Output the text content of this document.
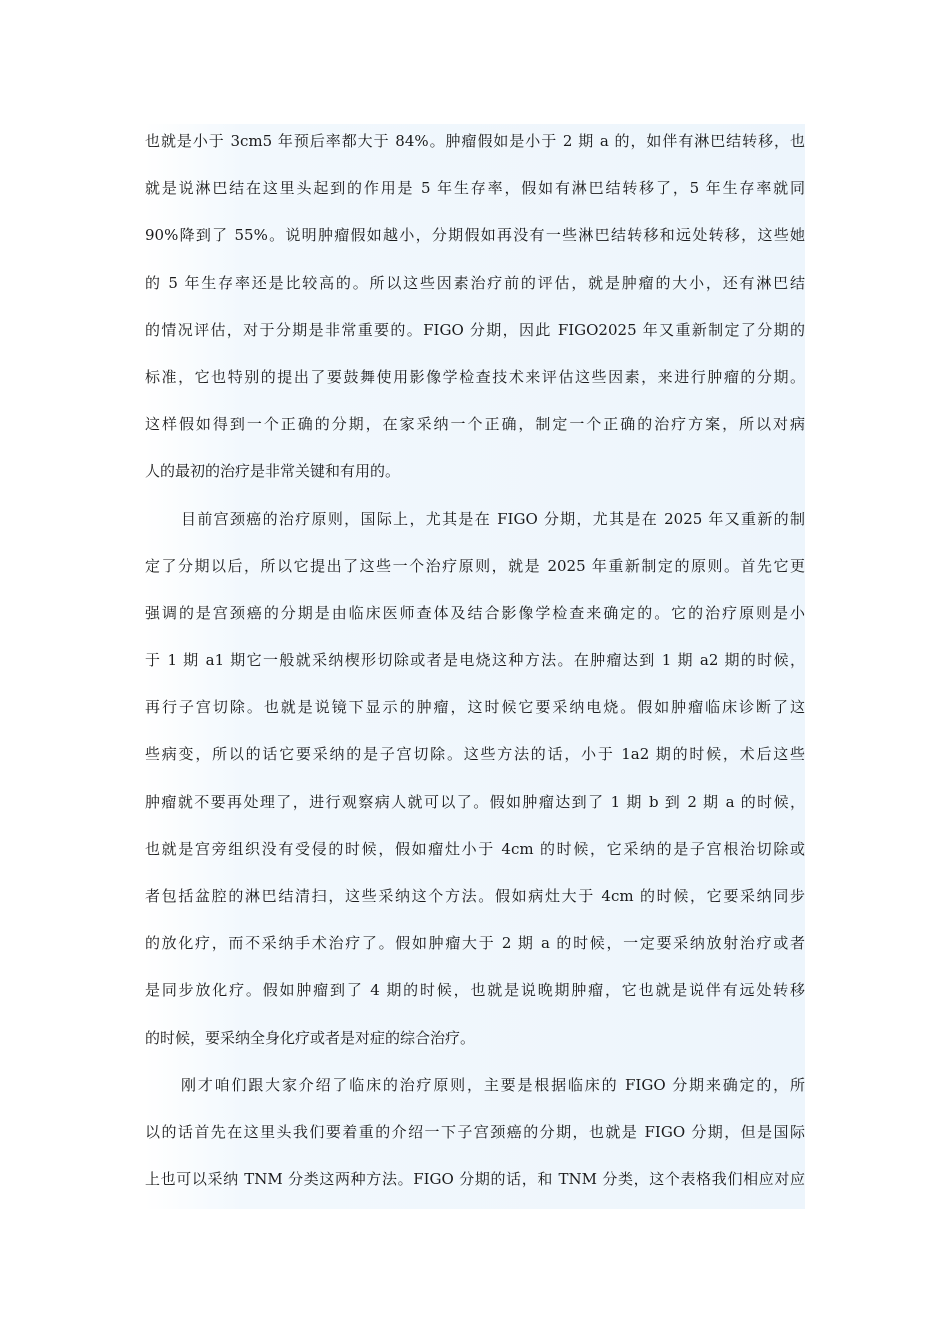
也就是小于 3cm5 年预后率都大于 84%。肿瘤假如是小于 2 期 a 的，如伴有淋巴结转移，也
就是说淋巴结在这里头起到的作用是 5 年生存率，假如有淋巴结转移了，5 年生存率就同
90%降到了 55%。说明肿瘤假如越小，分期假如再没有一些淋巴结转移和远处转移，这些她
的 5 年生存率还是比较高的。所以这些因素治疗前的评估，就是肿瘤的大小，还有淋巴结
的情况评估，对于分期是非常重要的。FIGO 分期，因此 FIGO2025 年又重新制定了分期的
标准，它也特别的提出了要鼓舞使用影像学检查技术来评估这些因素，来进行肿瘤的分期。
这样假如得到一个正确的分期，在家采纳一个正确，制定一个正确的治疗方案，所以对病
人的最初的治疗是非常关键和有用的。
目前宫颈癌的治疗原则，国际上，尤其是在 FIGO 分期，尤其是在 2025 年又重新的制
定了分期以后，所以它提出了这些一个治疗原则，就是 2025 年重新制定的原则。首先它更
强调的是宫颈癌的分期是由临床医师查体及结合影像学检查来确定的。它的治疗原则是小
于 1 期 a1 期它一般就采纳楔形切除或者是电烧这种方法。在肿瘤达到 1 期 a2 期的时候，
再行子宫切除。也就是说镜下显示的肿瘤，这时候它要采纳电烧。假如肿瘤临床诊断了这
些病变，所以的话它要采纳的是子宫切除。这些方法的话，小于 1a2 期的时候，术后这些
肿瘤就不要再处理了，进行观察病人就可以了。假如肿瘤达到了 1 期 b 到 2 期 a 的时候，
也就是宫旁组织没有受侵的时候，假如瘤灶小于 4cm 的时候，它采纳的是子宫根治切除或
者包括盆腔的淋巴结清扫，这些采纳这个方法。假如病灶大于 4cm 的时候，它要采纳同步
的放化疗，而不采纳手术治疗了。假如肿瘤大于 2 期 a 的时候，一定要采纳放射治疗或者
是同步放化疗。假如肿瘤到了 4 期的时候，也就是说晚期肿瘤，它也就是说伴有远处转移
的时候，要采纳全身化疗或者是对症的综合治疗。
刚才咱们跟大家介绍了临床的治疗原则，主要是根据临床的 FIGO 分期来确定的，所
以的话首先在这里头我们要着重的介绍一下子宫颈癌的分期，也就是 FIGO 分期，但是国际
上也可以采纳 TNM 分类这两种方法。FIGO 分期的话，和 TNM 分类，这个表格我们相应对应
